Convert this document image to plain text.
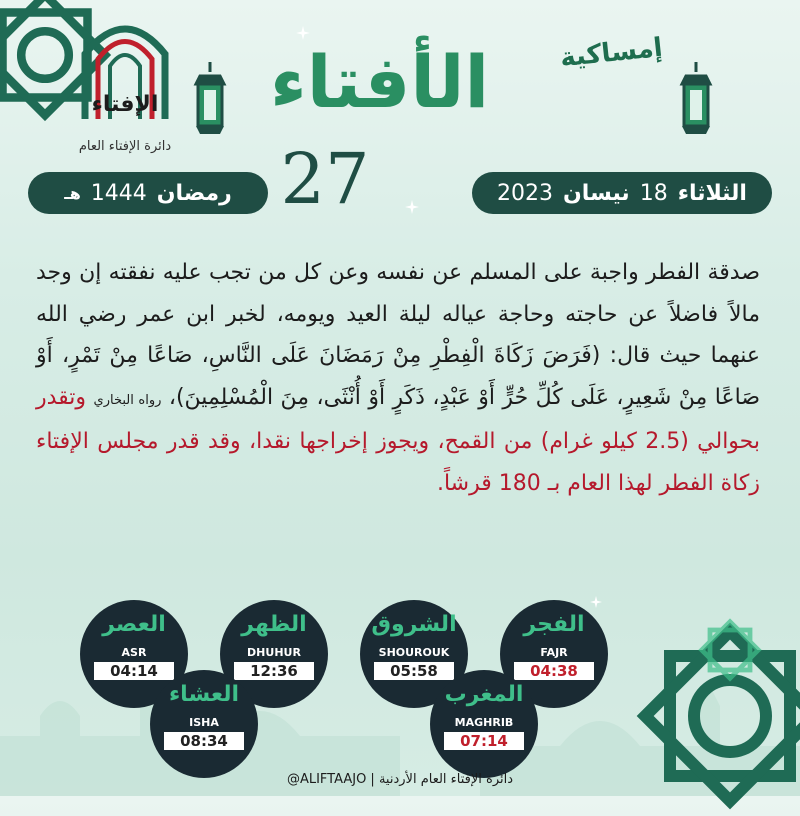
الإفتاء
دائرة الإفتاء العام
إمساكية
الأفتاء
الثلاثاء
18
نيسان
2023
27
رمضان
1444
هـ
صدقة الفطر واجبة على المسلم عن نفسه وعن كل من تجب عليه نفقته إن وجد مالاً فاضلاً عن حاجته وحاجة عياله ليلة العيد ويومه، لخبر ابن عمر رضي الله عنهما حيث قال: (فَرَضَ زَكَاةَ الْفِطْرِ مِنْ رَمَضَانَ عَلَى النَّاسِ، صَاعًا مِنْ تَمْرٍ، أَوْ صَاعًا مِنْ شَعِيرٍ، عَلَى كُلِّ حُرٍّ أَوْ عَبْدٍ، ذَكَرٍ أَوْ أُنْثَى، مِنَ الْمُسْلِمِينَ)، رواه البخاري وتقدر بحوالي (2.5 كيلو غرام) من القمح، ويجوز إخراجها نقدا، وقد قدر مجلس الإفتاء زكاة الفطر لهذا العام بـ 180 قرشاً.
الفجر
FAJR
04:38
الشروق
SHOUROUK
05:58
الظهر
DHUHUR
12:36
العصر
ASR
04:14
المغرب
MAGHRIB
07:14
العشاء
ISHA
08:34
@ALIFTAAJO | دائرة الإفتاء العام الأردنية
